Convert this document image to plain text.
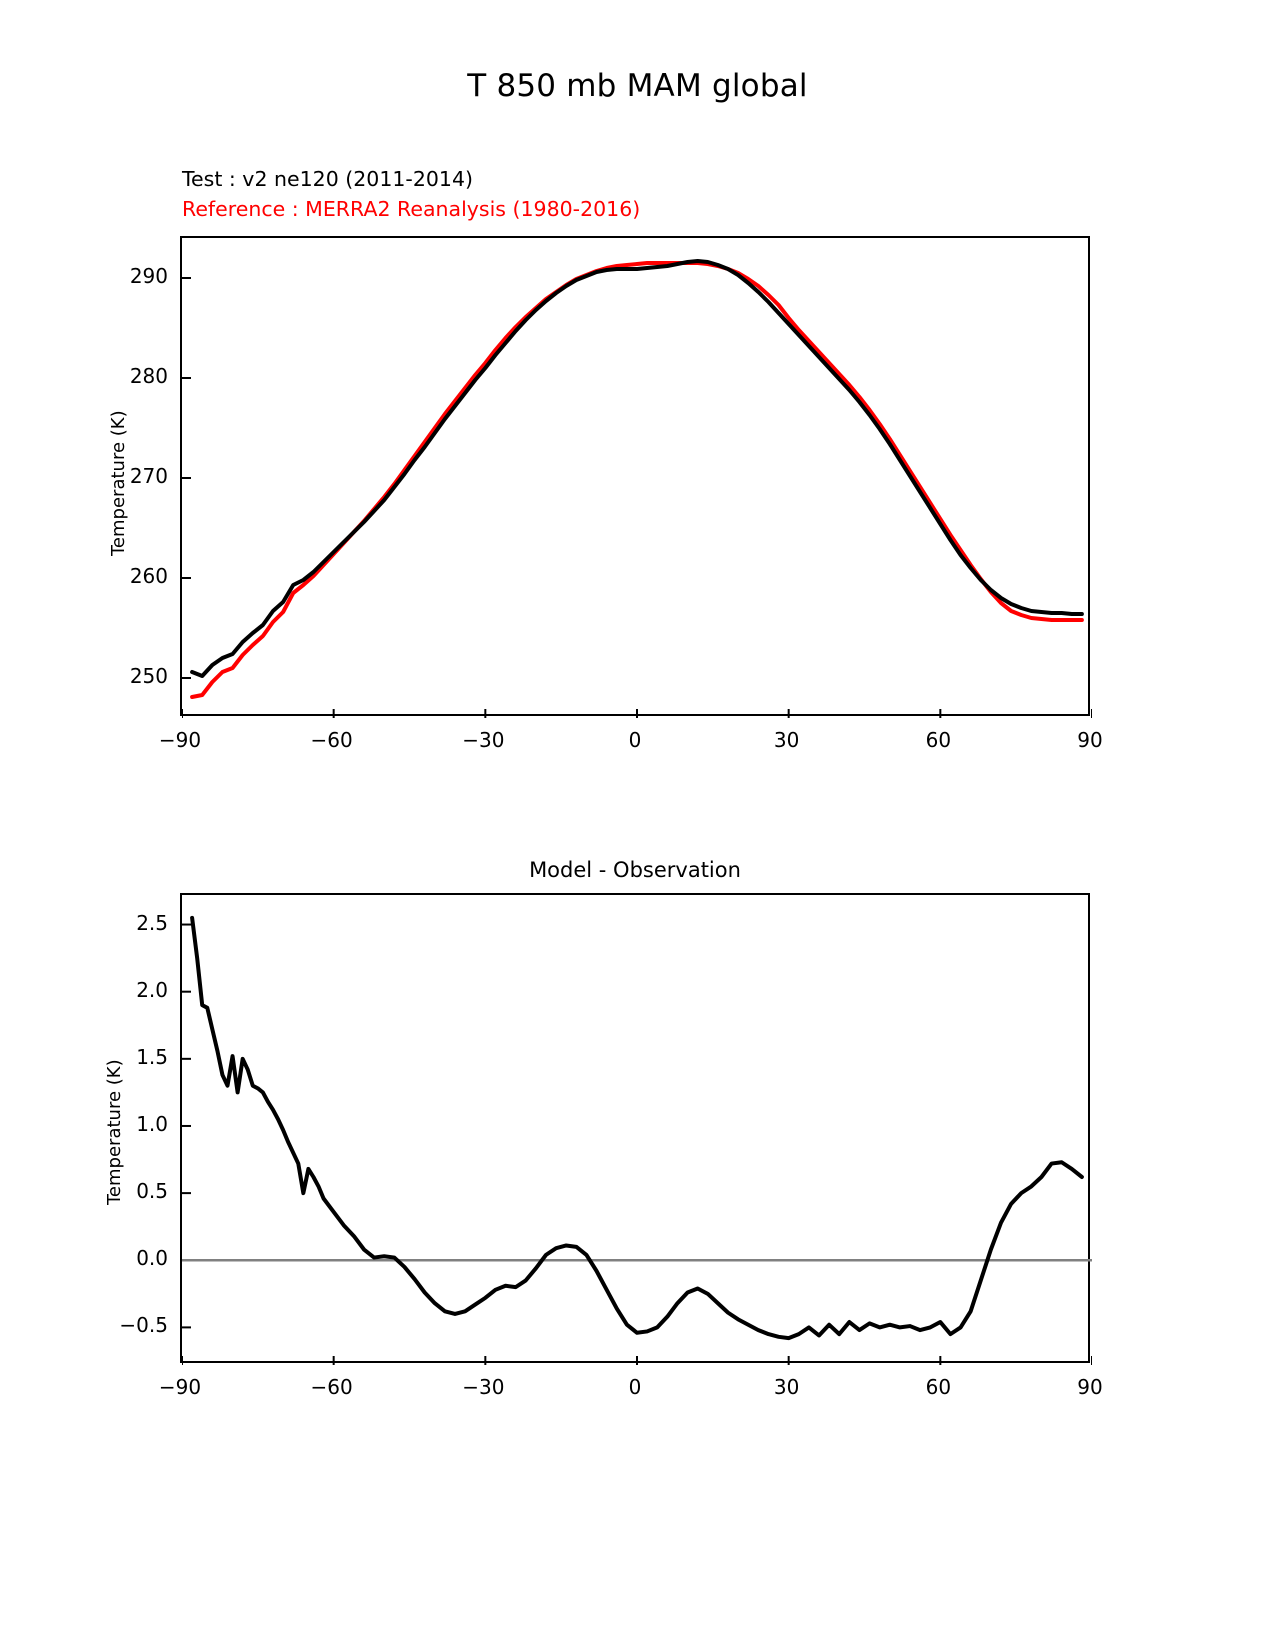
T 850 mb MAM global
Test : v2 ne120 (2011-2014)
Reference : MERRA2 Reanalysis (1980-2016)
Temperature (K)
−90	−60	−30	0	30	60	90
250
260
270
280
290
Model - Observation
Temperature (K)
−90	−60	−30	0	30	60	90
−0.5
0.0
0.5
1.0
1.5
2.0
2.5
